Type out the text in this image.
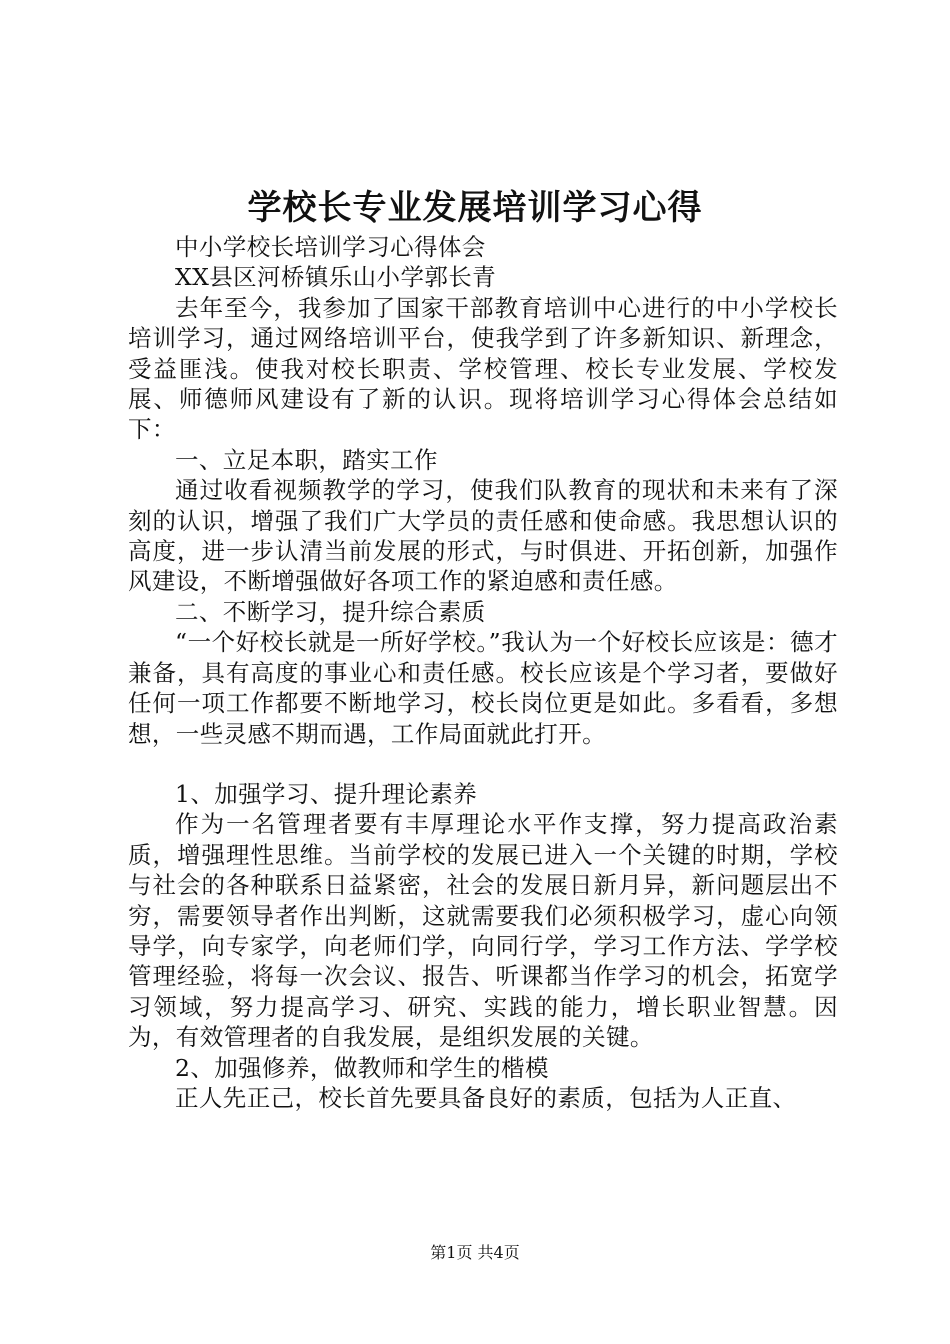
学校长专业发展培训学习心得

中小学校长培训学习心得体会

XX县区河桥镇乐山小学郭长青

去年至今，我参加了国家干部教育培训中心进行的中小学校长培训学习，通过网络培训平台，使我学到了许多新知识、新理念，受益匪浅。使我对校长职责、学校管理、校长专业发展、学校发展、师德师风建设有了新的认识。现将培训学习心得体会总结如下：

一、立足本职，踏实工作

通过收看视频教学的学习，使我们队教育的现状和未来有了深刻的认识，增强了我们广大学员的责任感和使命感。我思想认识的高度，进一步认清当前发展的形式，与时俱进、开拓创新，加强作风建设，不断增强做好各项工作的紧迫感和责任感。

二、不断学习，提升综合素质

“一个好校长就是一所好学校。”我认为一个好校长应该是：德才兼备，具有高度的事业心和责任感。校长应该是个学习者，要做好任何一项工作都要不断地学习，校长岗位更是如此。多看看，多想想，一些灵感不期而遇，工作局面就此打开。

1、加强学习、提升理论素养

作为一名管理者要有丰厚理论水平作支撑，努力提高政治素质，增强理性思维。当前学校的发展已进入一个关键的时期，学校与社会的各种联系日益紧密，社会的发展日新月异，新问题层出不穷，需要领导者作出判断，这就需要我们必须积极学习，虚心向领导学，向专家学，向老师们学，向同行学，学习工作方法、学学校管理经验，将每一次会议、报告、听课都当作学习的机会，拓宽学习领域，努力提高学习、研究、实践的能力，增长职业智慧。因为，有效管理者的自我发展，是组织发展的关键。

2、加强修养，做教师和学生的楷模

正人先正己，校长首先要具备良好的素质，包括为人正直、

第1页 共4页
